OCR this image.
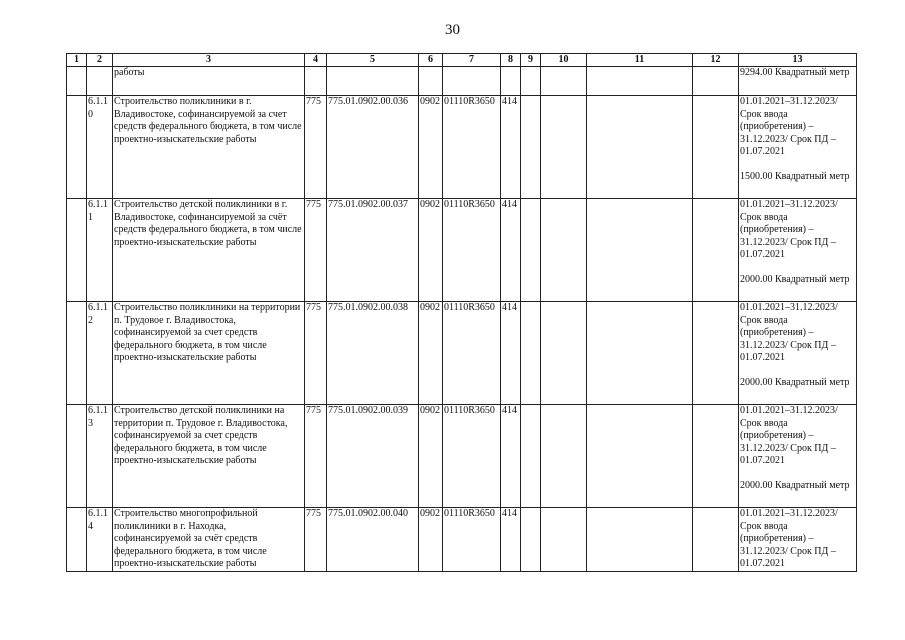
30
1	2	3	4	5	6	7	8	9	10	11	12	13
		работы										9294.00 Квадратный метр
	6.1.10	Строительство поликлиники в г. Владивостоке, софинансируемой за счет средств федерального бюджета, в том числе проектно-изыскательские работы	775	775.01.0902.00.036	0902	01110R3650	414					01.01.2021–31.12.2023/ Срок ввода (приобретения) – 31.12.2023/ Срок ПД – 01.07.2021
1500.00 Квадратный метр

	6.1.11	Строительство детской поликлиники в г. Владивостоке, софинансируемой за счёт средств федерального бюджета, в том числе проектно-изыскательские работы	775	775.01.0902.00.037	0902	01110R3650	414					01.01.2021–31.12.2023/ Срок ввода (приобретения) – 31.12.2023/ Срок ПД – 01.07.2021
2000.00 Квадратный метр

	6.1.12	Строительство поликлиники на территории п. Трудовое г. Владивостока, софинансируемой за счет средств федерального бюджета, в том числе проектно-изыскательские работы	775	775.01.0902.00.038	0902	01110R3650	414					01.01.2021–31.12.2023/ Срок ввода (приобретения) – 31.12.2023/ Срок ПД – 01.07.2021
2000.00 Квадратный метр

	6.1.13	Строительство детской поликлиники на территории п. Трудовое г. Владивостока, софинансируемой за счет средств федерального бюджета, в том числе проектно-изыскательские работы	775	775.01.0902.00.039	0902	01110R3650	414					01.01.2021–31.12.2023/ Срок ввода (приобретения) – 31.12.2023/ Срок ПД – 01.07.2021
2000.00 Квадратный метр

	6.1.14	Строительство многопрофильной поликлиники в г. Находка, софинансируемой за счёт средств федерального бюджета, в том числе проектно-изыскательские работы	775	775.01.0902.00.040	0902	01110R3650	414					01.01.2021–31.12.2023/ Срок ввода (приобретения) – 31.12.2023/ Срок ПД – 01.07.2021
